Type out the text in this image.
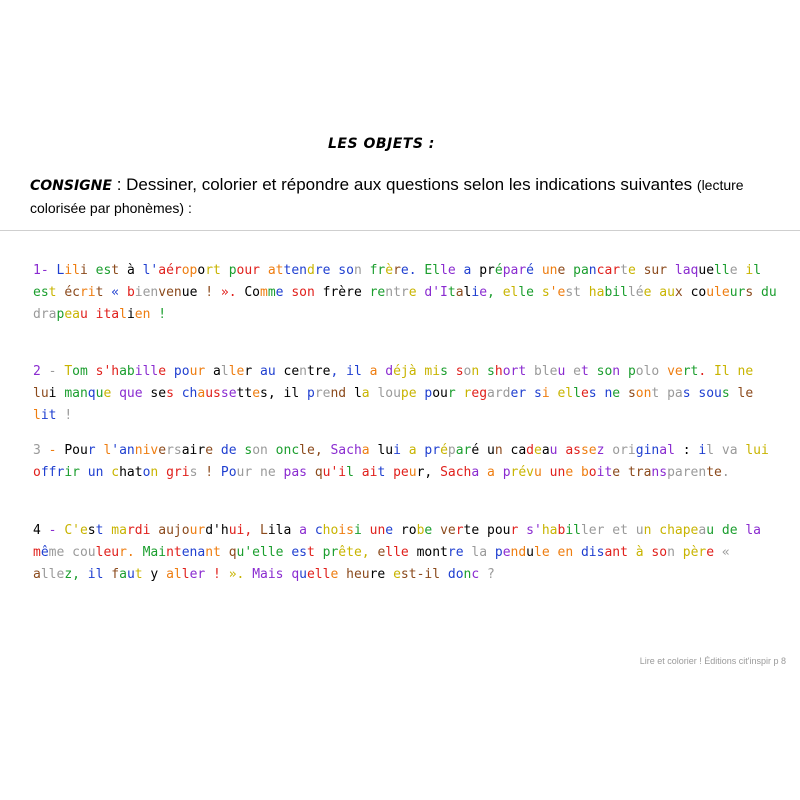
LES OBJETS :
CONSIGNE : Dessiner, colorier et répondre aux questions selon les indications suivantes (lecture colorisée par phonèmes) :
1- Lili est à l'aéroport pour attendre son frère. Elle a préparé une pancarte sur laquelle il est écrit « bienvenue ! ». Comme son frère rentre d'Italie, elle s'est habillée aux couleurs du drapeau italien !
2 - Tom s'habille pour aller au centre, il a déjà mis son short bleu et son polo vert. Il ne lui manque que ses chaussettes, il prend la loupe pour regarder si elles ne sont pas sous le lit !
3 - Pour l'anniversaire de son oncle, Sacha lui a préparé un cadeau assez original : il va lui offrir un chaton gris ! Pour ne pas qu'il ait peur, Sacha a prévu une boite transparente.
4 - C'est mardi aujourd'hui, Lila a choisi une robe verte pour s'habiller et un chapeau de la même couleur. Maintenant qu'elle est prête, elle montre la pendule en disant à son père « allez, il faut y aller ! ». Mais quelle heure est-il donc ?
Lire et colorier ! Éditions cit'inspir p 8
